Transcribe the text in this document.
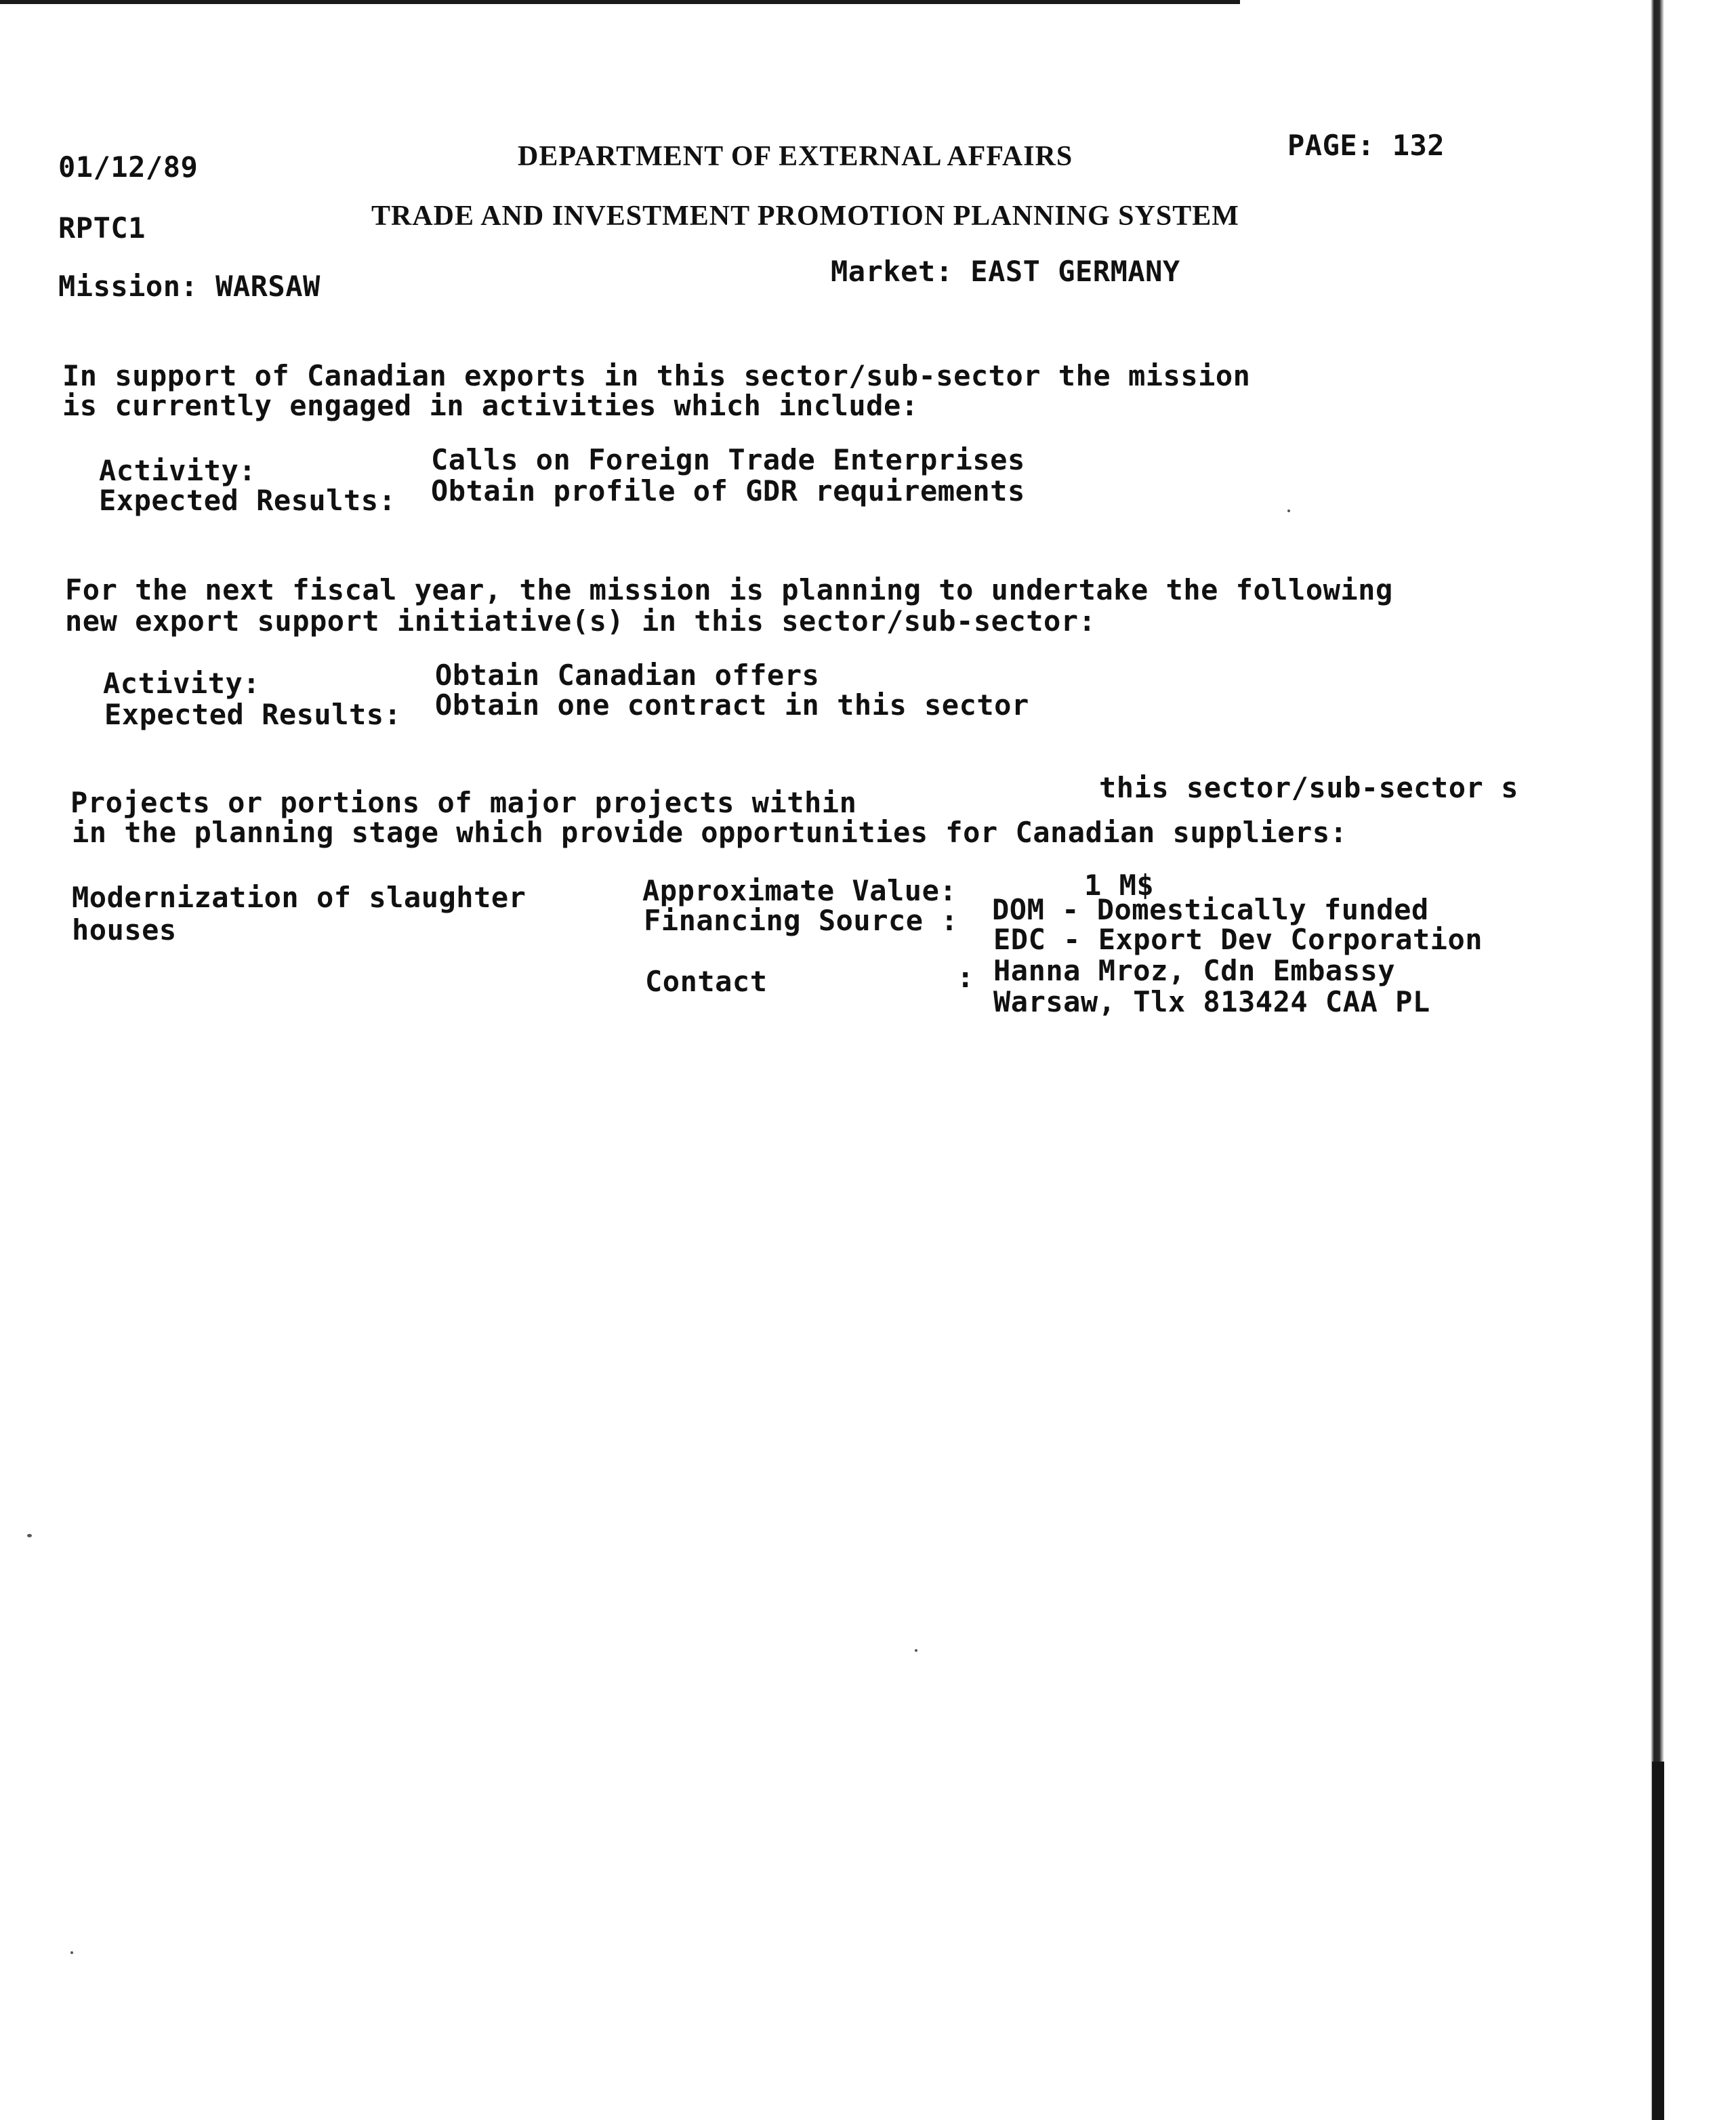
01/12/89	DEPARTMENT OF EXTERNAL AFFAIRS	PAGE: 132
RPTC1	TRADE AND INVESTMENT PROMOTION PLANNING SYSTEM
Mission: WARSAW	Market: EAST GERMANY
In support of Canadian exports in this sector/sub-sector the mission
is currently engaged in activities which include:
Activity:	Calls on Foreign Trade Enterprises
Expected Results: Obtain profile of GDR requirements
For the next fiscal year, the mission is planning to undertake the following
new export support initiative(s) in this sector/sub-sector:
Activity:	Obtain Canadian offers
Expected Results: Obtain one contract in this sector
Projects or portions of major projects within	this sector/sub-sector s
in the planning stage which provide opportunities for Canadian suppliers:
Modernization of slaughter
houses
Approximate Value:	1 M$
Financing Source : DOM - Domestically funded
EDC - Export Dev Corporation
Contact	: Hanna Mroz, Cdn Embassy
Warsaw, Tlx 813424 CAA PL
